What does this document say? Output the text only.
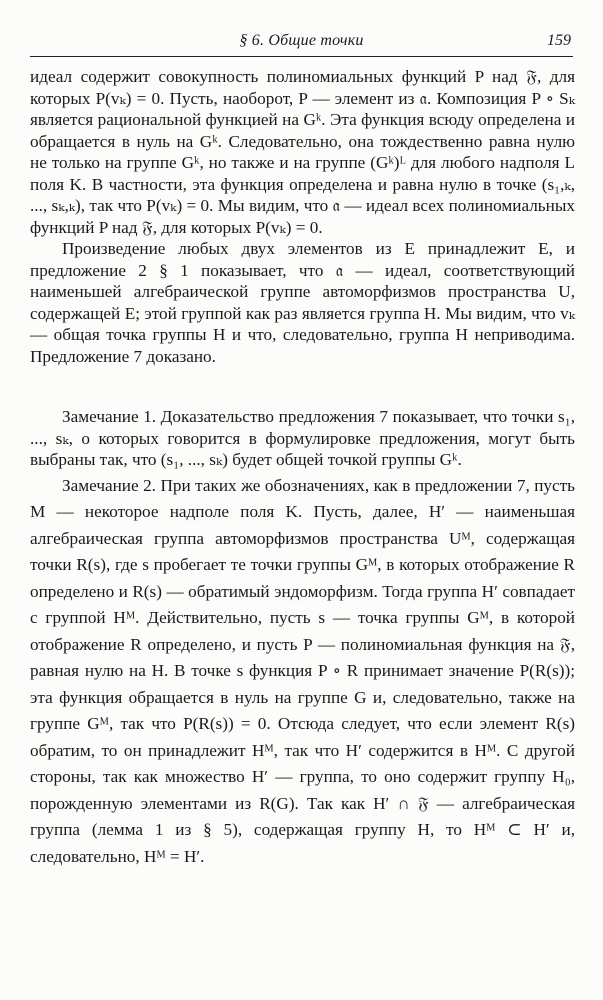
§ 6. Общие точки	159

идеал содержит совокупность полиномиальных функций P над 𝔉, для которых P(vₖ) = 0. Пусть, наоборот, P — элемент из 𝔞. Композиция P ∘ Sₖ является рациональной функцией на Gᵏ. Эта функция всюду определена и обращается в нуль на Gᵏ. Следовательно, она тождественно равна нулю не только на группе Gᵏ, но также и на группе (Gᵏ)ᴸ для любого надполя L поля K. В частности, эта функция определена и равна нулю в точке (s₁,ₖ, ..., sₖ,ₖ), так что P(vₖ) = 0. Мы видим, что 𝔞 — идеал всех полиномиальных функций P над 𝔉, для которых P(vₖ) = 0.

Произведение любых двух элементов из E принадлежит E, и предложение 2 § 1 показывает, что 𝔞 — идеал, соответствующий наименьшей алгебраической группе автоморфизмов пространства U, содержащей E; этой группой как раз является группа H. Мы видим, что vₖ — общая точка группы H и что, следовательно, группа H неприводима. Предложение 7 доказано.

Замечание 1. Доказательство предложения 7 показывает, что точки s₁, ..., sₖ, о которых говорится в формулировке предложения, могут быть выбраны так, что (s₁, ..., sₖ) будет общей точкой группы Gᵏ.

Замечание 2. При таких же обозначениях, как в предложении 7, пусть M — некоторое надполе поля K. Пусть, далее, H′ — наименьшая алгебраическая группа автоморфизмов пространства Uᴹ, содержащая точки R(s), где s пробегает те точки группы Gᴹ, в которых отображение R определено и R(s) — обратимый эндоморфизм. Тогда группа H′ совпадает с группой Hᴹ. Действительно, пусть s — точка группы Gᴹ, в которой отображение R определено, и пусть P — полиномиальная функция на 𝔉, равная нулю на H. В точке s функция P ∘ R принимает значение P(R(s)); эта функция обращается в нуль на группе G и, следовательно, также на группе Gᴹ, так что P(R(s)) = 0. Отсюда следует, что если элемент R(s) обратим, то он принадлежит Hᴹ, так что H′ содержится в Hᴹ. С другой стороны, так как множество H′ — группа, то оно содержит группу H₀, порожденную элементами из R(G). Так как H′ ∩ 𝔉 — алгебраическая группа (лемма 1 из § 5), содержащая группу H, то Hᴹ ⊂ H′ и, следовательно, Hᴹ = H′.
